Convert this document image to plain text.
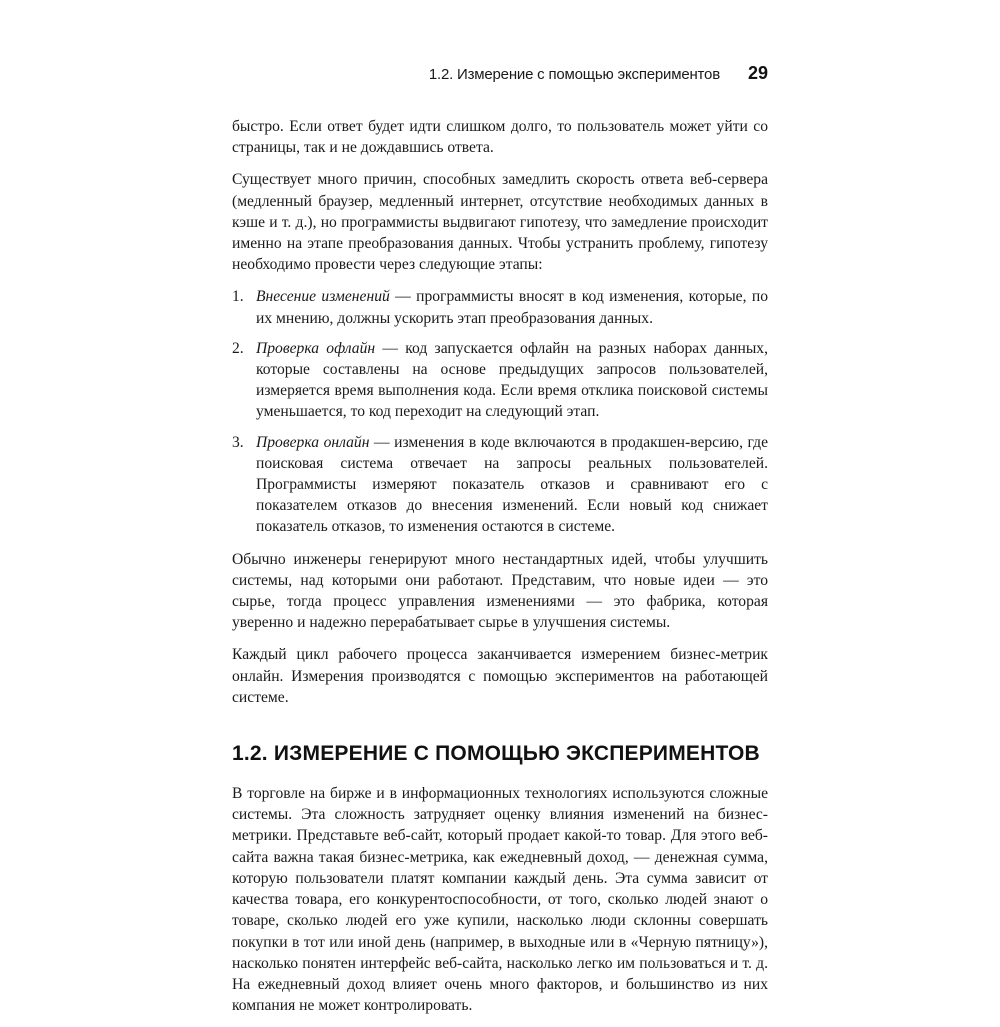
1.2. Измерение с помощью экспериментов 29

быстро. Если ответ будет идти слишком долго, то пользователь может уйти со страницы, так и не дождавшись ответа.

Существует много причин, способных замедлить скорость ответа веб-сервера (медленный браузер, медленный интернет, отсутствие необходимых данных в кэше и т. д.), но программисты выдвигают гипотезу, что замедление происходит именно на этапе преобразования данных. Чтобы устранить проблему, гипотезу необходимо провести через следующие этапы:

1. Внесение изменений — программисты вносят в код изменения, которые, по их мнению, должны ускорить этап преобразования данных.
2. Проверка офлайн — код запускается офлайн на разных наборах данных, которые составлены на основе предыдущих запросов пользователей, измеряется время выполнения кода. Если время отклика поисковой системы уменьшается, то код переходит на следующий этап.
3. Проверка онлайн — изменения в коде включаются в продакшен-версию, где поисковая система отвечает на запросы реальных пользователей. Программисты измеряют показатель отказов и сравнивают его с показателем отказов до внесения изменений. Если новый код снижает показатель отказов, то изменения остаются в системе.

Обычно инженеры генерируют много нестандартных идей, чтобы улучшить системы, над которыми они работают. Представим, что новые идеи — это сырье, тогда процесс управления изменениями — это фабрика, которая уверенно и надежно перерабатывает сырье в улучшения системы.

Каждый цикл рабочего процесса заканчивается измерением бизнес-метрик онлайн. Измерения производятся с помощью экспериментов на работающей системе.

1.2. ИЗМЕРЕНИЕ С ПОМОЩЬЮ ЭКСПЕРИМЕНТОВ

В торговле на бирже и в информационных технологиях используются сложные системы. Эта сложность затрудняет оценку влияния изменений на бизнес-метрики. Представьте веб-сайт, который продает какой-то товар. Для этого веб-сайта важна такая бизнес-метрика, как ежедневный доход, — денежная сумма, которую пользователи платят компании каждый день. Эта сумма зависит от качества товара, его конкурентоспособности, от того, сколько людей знают о товаре, сколько людей его уже купили, насколько люди склонны совершать покупки в тот или иной день (например, в выходные или в «Черную пятницу»), насколько понятен интерфейс веб-сайта, насколько легко им пользоваться и т. д. На ежедневный доход влияет очень много факторов, и большинство из них компания не может контролировать.
